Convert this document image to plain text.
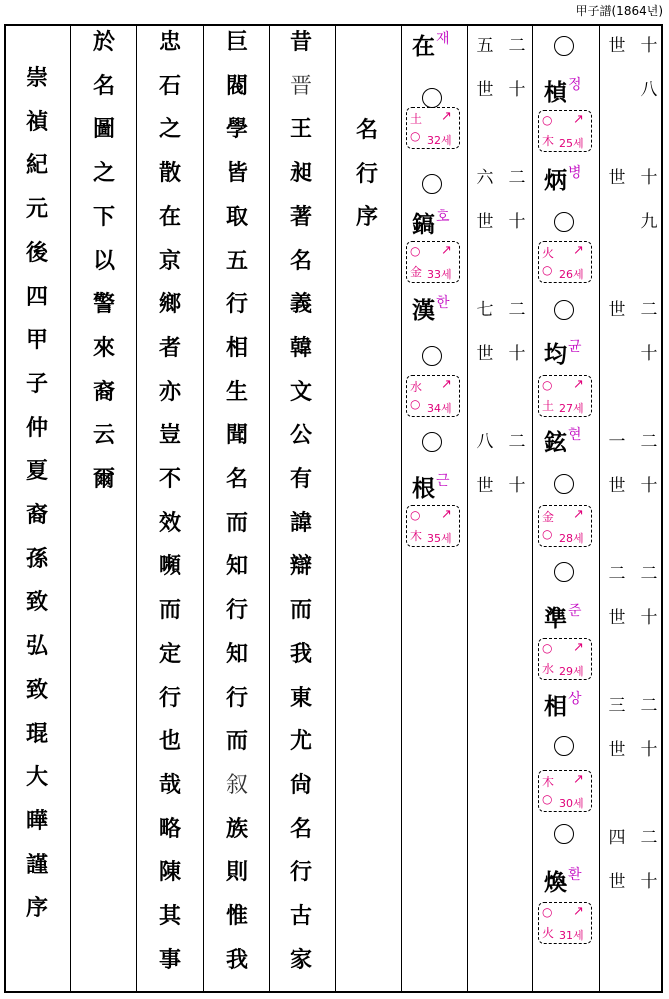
甲子譜(1864년)
崇
禎
紀
元
後
四
甲
子
仲
夏
裔
孫
致
弘
致
琨
大
曄
謹
序
於
名
圖
之
下
以
警
來
裔
云
爾
忠
石
之
散
在
京
鄉
者
亦
豈
不
效
嚬
而
定
行
也
哉
略
陳
其
事
巨
閥
學
皆
取
五
行
相
生
聞
名
而
知
行
知
行
而
叙
族
則
惟
我
昔
晋
王
昶
著
名
義
韓
文
公
有
諱
辯
而
我
東
尤
尙
名
行
古
家
名
行
序
在 재
鎬 호
漢 한
根 근
土 ↗
○ 32세
○ ↗
金 33세
水 ↗
○ 34세
○ ↗
木 35세
楨 정
炳 병
均 균
鉉 현
準 준
相 상
煥 환
○ ↗
木 25세
火 ↗
○ 26세
○ ↗
土 27세
金 ↗
○ 28세
○ ↗
水 29세
木 ↗
○ 30세
○ ↗
火 31세
五 二
世 十
六 二
世 十
七 二
世 十
八 二
世 十
世 十
八
世 十
九
世 二
十
一 二
世 十
二 二
世 十
三 二
世 十
四 二
世 十
